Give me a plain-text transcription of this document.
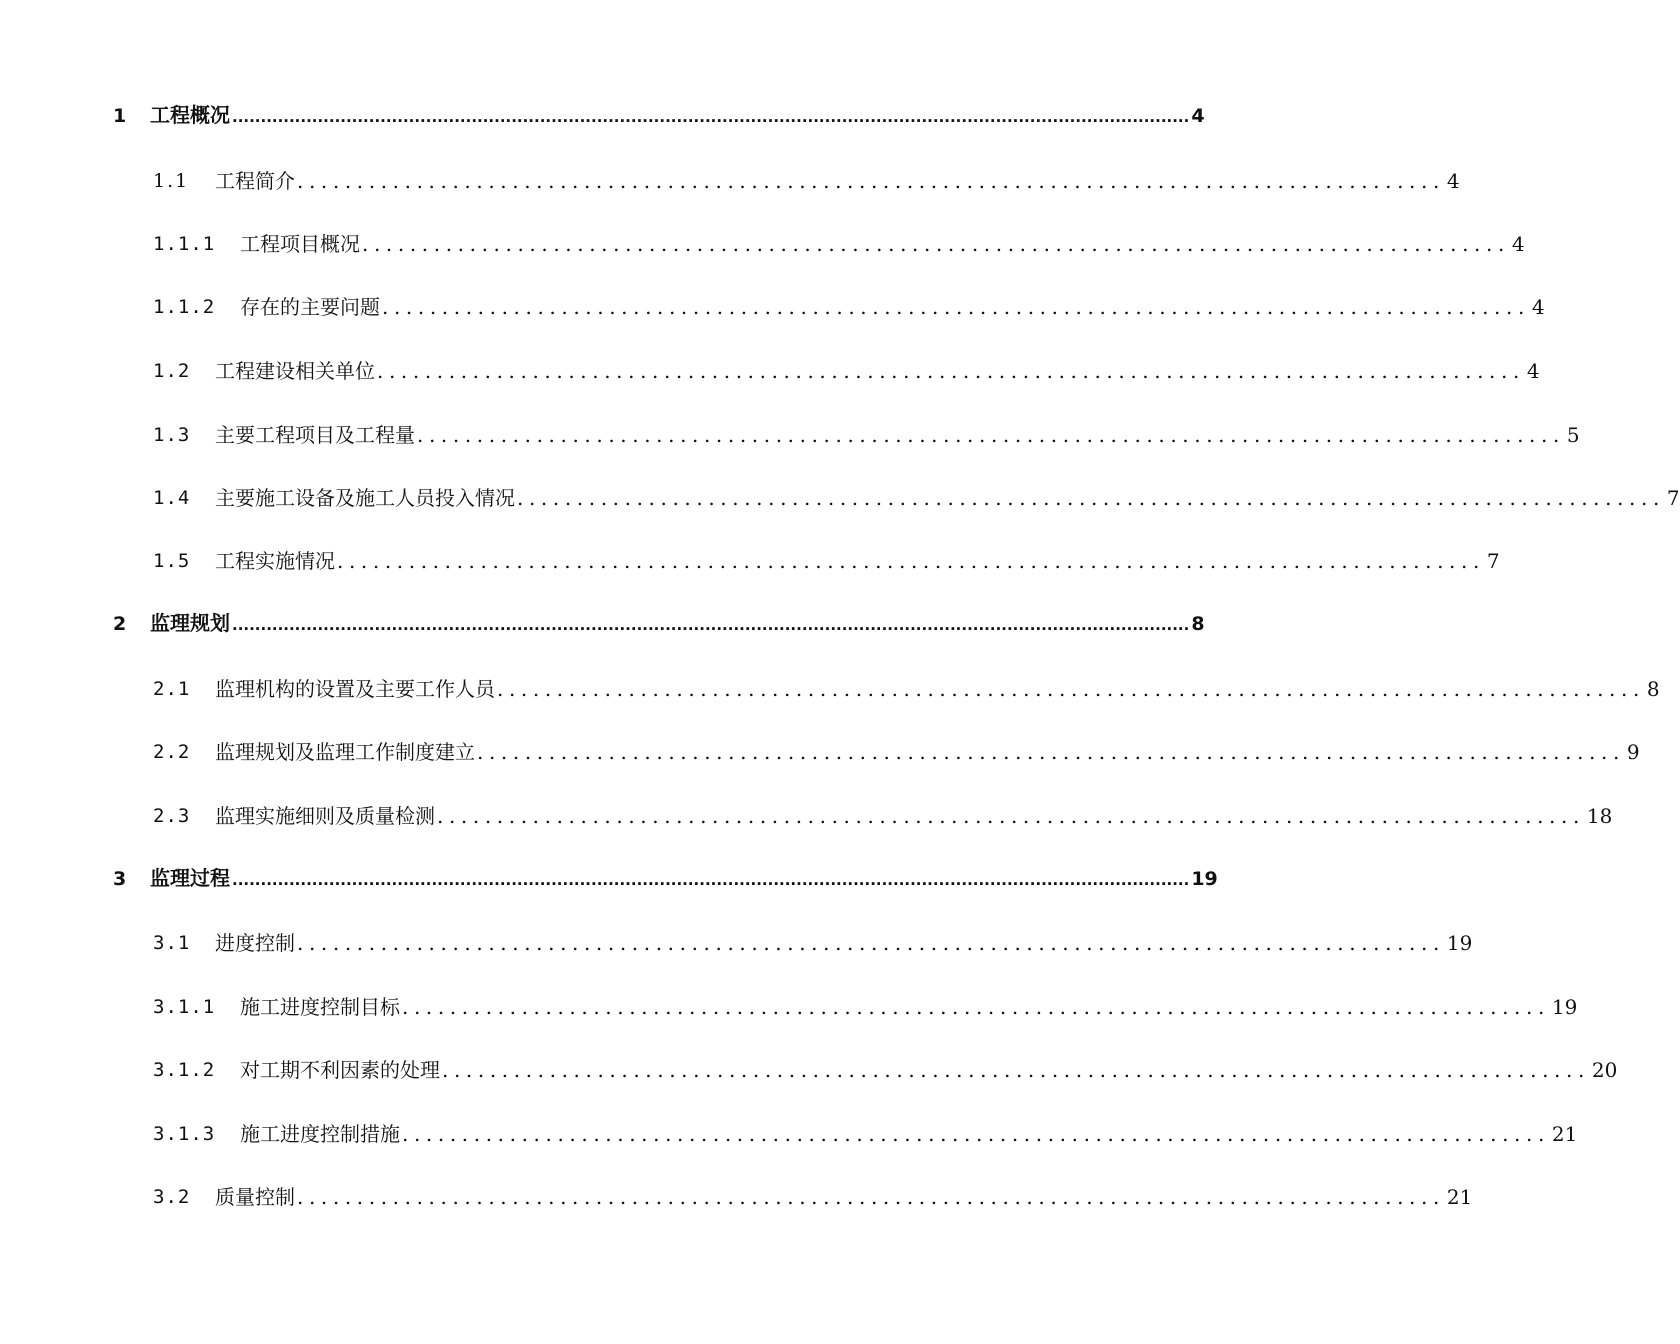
1 工程概况 ........................................................................................................................................................................ 4
1.1 工程简介 ................................................................................................ 4
1.1.1 工程项目概况 ................................................................................................ 4
1.1.2 存在的主要问题 ................................................................................................ 4
1.2 工程建设相关单位 ................................................................................................ 4
1.3 主要工程项目及工程量 ................................................................................................ 5
1.4 主要施工设备及施工人员投入情况 ................................................................................................ 7
1.5 工程实施情况 ................................................................................................ 7
2 监理规划 ........................................................................................................................................................................ 8
2.1 监理机构的设置及主要工作人员 ................................................................................................ 8
2.2 监理规划及监理工作制度建立 ................................................................................................ 9
2.3 监理实施细则及质量检测 ................................................................................................ 18
3 监理过程 ........................................................................................................................................................................ 19
3.1 进度控制 ................................................................................................ 19
3.1.1 施工进度控制目标 ................................................................................................ 19
3.1.2 对工期不利因素的处理 ................................................................................................ 20
3.1.3 施工进度控制措施 ................................................................................................ 21
3.2 质量控制 ................................................................................................ 21
